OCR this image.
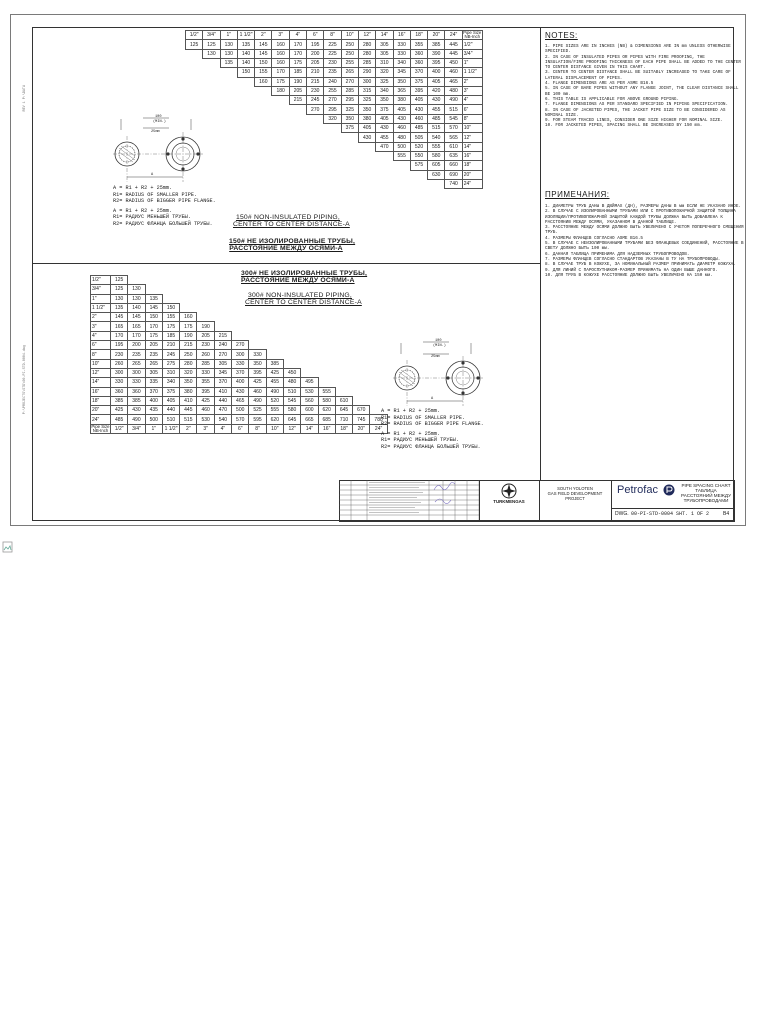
REV 1 P:\DATA
P:\PROJECTS\STD\00-PI-STD-0004.dwg
1/2"	3/4"	1"	1 1/2"	2"	3"	4"	6"	8"	10"	12"	14"	16"	18"	20"	24"	Pipe Size
NB-Inch

125	125	130	135	145	160	170	195	225	250	280	305	330	355	385	445	1/2"
	130	130	140	145	160	170	200	225	250	280	305	330	360	390	445	3/4"
		135	140	150	160	175	205	230	255	285	310	340	360	395	450	1"
			150	155	170	185	210	235	265	290	320	345	370	400	460	1 1/2"
				160	175	190	215	240	270	300	325	350	375	405	465	2"
					180	205	230	255	285	315	340	365	395	420	480	3"
						215	245	270	295	325	350	380	405	430	490	4"
							270	295	325	350	375	405	430	455	515	6"
								320	350	380	405	430	460	485	545	8"
									375	405	430	460	485	515	570	10"
										430	455	480	505	540	565	12"
											470	500	520	555	610	14"
												555	550	580	635	16"
													575	605	660	18"
														630	690	20"
															740	24"
100
(MIN.)
25mm
A
A = R1 + R2 + 25mm.
R1= RADIUS OF SMALLER PIPE.
R2= RADIUS OF BIGGER PIPE FLANGE.
A = R1 + R2 + 25mm.
R1= РАДИУС МЕНЬШЕЙ ТРУБЫ.
R2= РАДИУС ФЛАНЦА БОЛЬШЕЙ ТРУБЫ.
150# NON-INSULATED PIPING,
CENTER TO CENTER DISTANCE-A
150# НЕ ИЗОЛИРОВАННЫЕ ТРУБЫ,
РАССТОЯНИЕ МЕЖДУ ОСЯМИ-А
300# НЕ ИЗОЛИРОВАННЫЕ ТРУБЫ,
РАССТОЯНИЕ МЕЖДУ ОСЯМИ-А
300# NON-INSULATED PIPING,
CENTER TO CENTER DISTANCE-A
1/2"	125															
3/4"	125	130														
1"	130	130	135													
1 1/2"	135	140	145	150												
2"	145	145	150	155	160											
3"	165	165	170	175	175	190										
4"	170	170	175	185	190	205	215									
6"	195	200	205	210	215	230	240	270								
8"	230	235	235	245	250	260	270	300	330							
10"	260	265	265	275	280	285	305	330	350	385						
12"	300	300	305	310	320	330	345	370	395	425	450					
14"	330	330	335	340	350	355	370	400	425	455	480	495				
16"	360	360	370	375	380	395	410	430	460	490	510	530	555			
18"	385	385	400	405	410	425	440	465	490	520	545	560	580	610		
20"	425	430	435	440	445	460	470	500	525	555	580	600	620	645	670	
24"	485	490	500	510	515	530	540	570	595	620	645	665	685	710	745	780

Pipe Size
NB-Inch	1/2"	3/4"	1"	1 1/2"	2"	3"	4"	6"	8"	10"	12"	14"	16"	18"	20"	24"
100
(MIN.)
25mm
A
A = R1 + R2 + 25mm.
R1= RADIUS OF SMALLER PIPE.
R2= RADIUS OF BIGGER PIPE FLANGE.
A = R1 + R2 + 25mm.
R1= РАДИУС МЕНЬШЕЙ ТРУБЫ.
R2= РАДИУС ФЛАНЦА БОЛЬШЕЙ ТРУБЫ.
NOTES:
1. PIPE SIZES ARE IN INCHES (NB) & DIMENSIONS ARE IN mm UNLESS OTHERWISE SPECIFIED.
2. IN CASE OF INSULATED PIPES OR PIPES WITH FIRE PROOFING, THE INSULATION/FIRE PROOFING THICKNESS OF EACH PIPE SHALL BE ADDED TO THE CENTER TO CENTER DISTANCE GIVEN IN THIS CHART.
3. CENTER TO CENTER DISTANCE SHALL BE SUITABLY INCREASED TO TAKE CARE OF LATERAL DISPLACEMENT OF PIPES.
4. FLANGE DIMENSIONS ARE AS PER ASME B16.5
5. IN CASE OF BARE PIPES WITHOUT ANY FLANGE JOINT, THE CLEAR DISTANCE SHALL BE 100 mm.
6. THIS TABLE IS APPLICABLE FOR ABOVE GROUND PIPING.
7. FLANGE DIMENSIONS AS PER STANDARD SPECIFIED IN PIPING SPECIFICATION.
8. IN CASE OF JACKETED PIPES, THE JACKET PIPE SIZE TO BE CONSIDERED AS NOMINAL SIZE.
9. FOR STEAM TRACED LINES, CONSIDER ONE SIZE HIGHER FOR NOMINAL SIZE.
10. FOR JACKETED PIPES, SPACING SHALL BE INCREASED BY 150 mm.
ПРИМЕЧАНИЯ:
1. ДИАМЕТРЫ ТРУБ ДАНЫ В ДЮЙМАХ (ДН), РАЗМЕРЫ ДАНЫ В мм ЕСЛИ НЕ УКАЗАНО ИНОЕ.
2. В СЛУЧАЕ С ИЗОЛИРОВАННЫМИ ТРУБАМИ ИЛИ С ПРОТИВОПОЖАРНОЙ ЗАЩИТОЙ ТОЛЩИНА ИЗОЛЯЦИИ/ПРОТИВОПОЖАРНОЙ ЗАЩИТОЙ КАЖДОЙ ТРУБЫ ДОЛЖНА БЫТЬ ДОБАВЛЕНА К РАССТОЯНИЮ МЕЖДУ ОСЯМИ, УКАЗАННОМ В ДАННОЙ ТАБЛИЦЕ.
3. РАССТОЯНИЕ МЕЖДУ ОСЯМИ ДОЛЖНО БЫТЬ УВЕЛИЧЕНО С УЧЕТОМ ПОПЕРЕЧНОГО СМЕЩЕНИЯ ТРУБ.
4. РАЗМЕРЫ ФЛАНЦЕВ СОГЛАСНО ASME B16.5
5. В СЛУЧАЕ С НЕИЗОЛИРОВАННЫМИ ТРУБАМИ БЕЗ ФЛАНЦЕВЫХ СОЕДИНЕНИЙ, РАССТОЯНИЕ В СВЕТУ ДОЛЖНО БЫТЬ 100 мм.
6. ДАННАЯ ТАБЛИЦА ПРИМЕНИМА ДЛЯ НАДЗЕМНЫХ ТРУБОПРОВОДОВ.
7. РАЗМЕРЫ ФЛАНЦЕВ СОГЛАСНО СТАНДАРТОВ УКАЗАНЫ В ТУ НА ТРУБОПРОВОДЫ.
8. В СЛУЧАЕ ТРУБ В КОЖУХЕ, ЗА НОМИНАЛЬНЫЙ РАЗМЕР ПРИНИМАТЬ ДИАМЕТР КОЖУХА.
9. ДЛЯ ЛИНИЙ С ПАРОСПУТНИКОМ-РАЗМЕР ПРИНИМАТЬ НА ОДИН ВЫШЕ ДАННОГО.
10. ДЛЯ ТРУБ В КОЖУХЕ РАССТОЯНИЕ ДОЛЖНО БЫТЬ УВЕЛИЧЕНО НА 150 мм.
TURKMENGAS
SOUTH YOLOTEN
GAS FIELD DEVELOPMENT
PROJECT
Petrofac	PIPE SPACING CHART
ТАБЛИЦА РАССТОЯНИЙ МЕЖДУ ТРУБОПРОВОДАМИ
DWG. 00-PI-STD-0004 SHT. 1 OF 2	B4
